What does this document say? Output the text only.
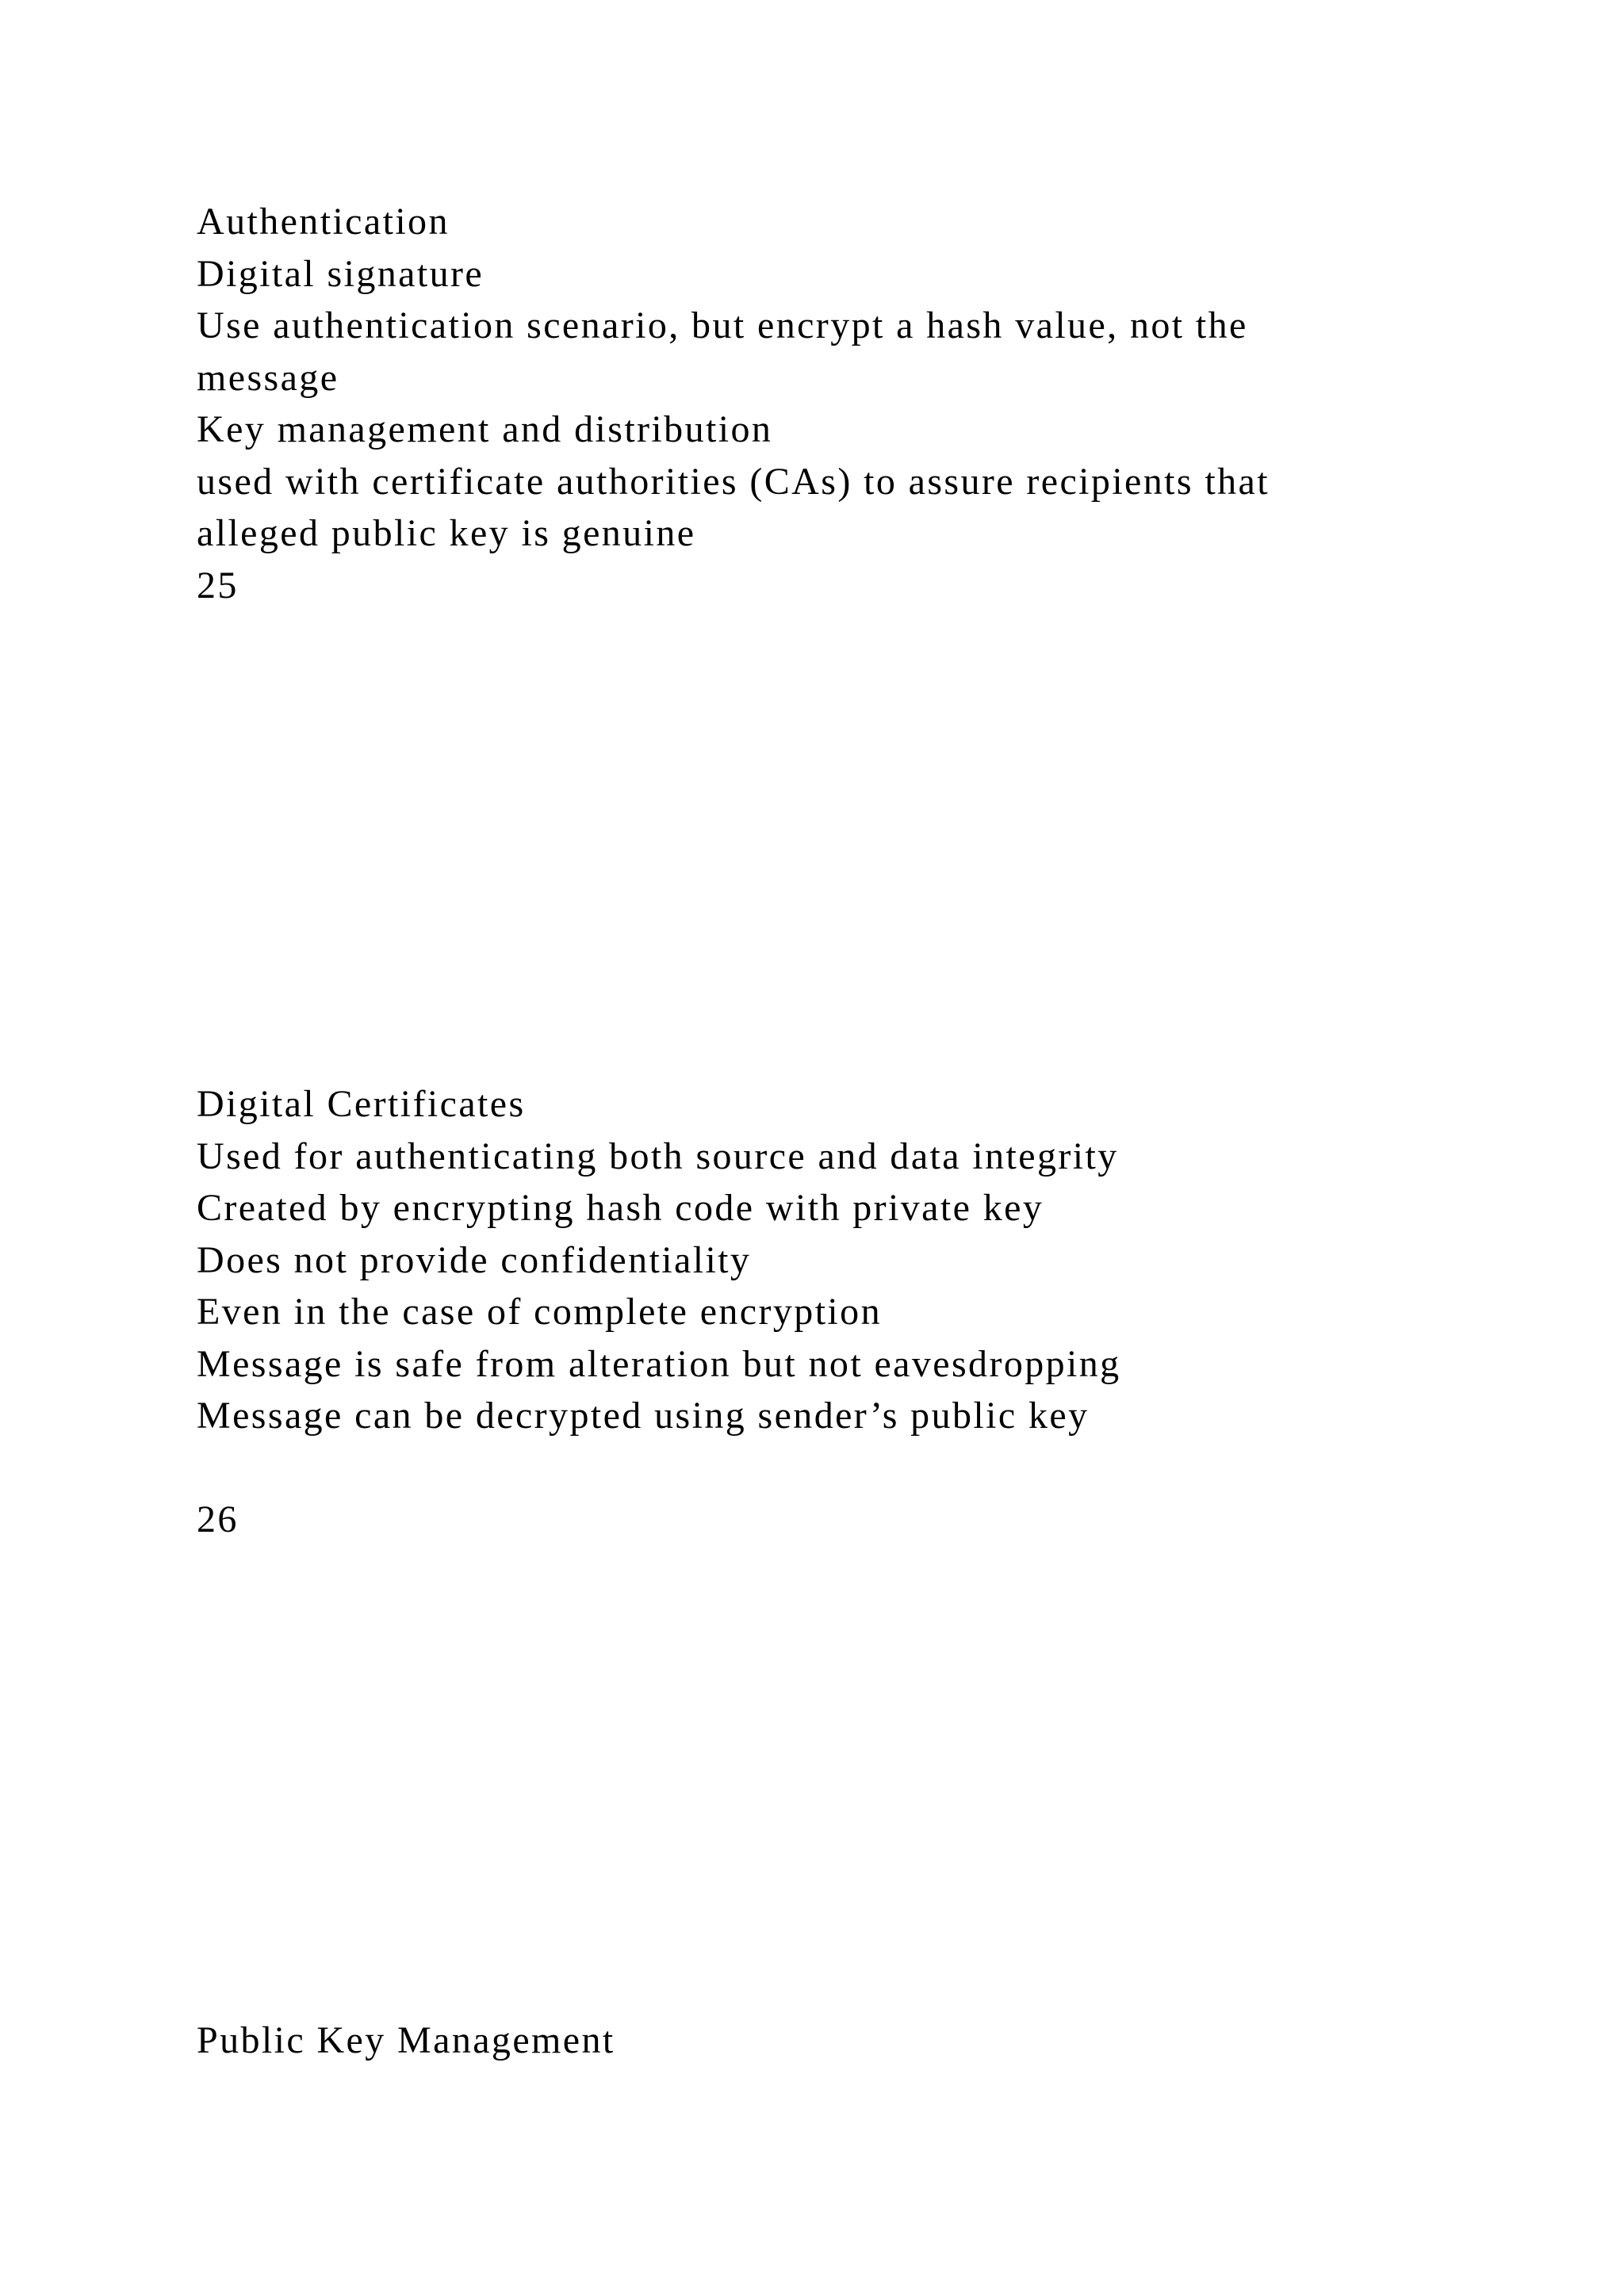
Authentication
Digital signature
Use authentication scenario, but encrypt a hash value, not the
message
Key management and distribution
used with certificate authorities (CAs) to assure recipients that
alleged public key is genuine
25
Digital Certificates
Used for authenticating both source and data integrity
Created by encrypting hash code with private key
Does not provide confidentiality
Even in the case of complete encryption
Message is safe from alteration but not eavesdropping
Message can be decrypted using sender’s public key
26
Public Key Management
